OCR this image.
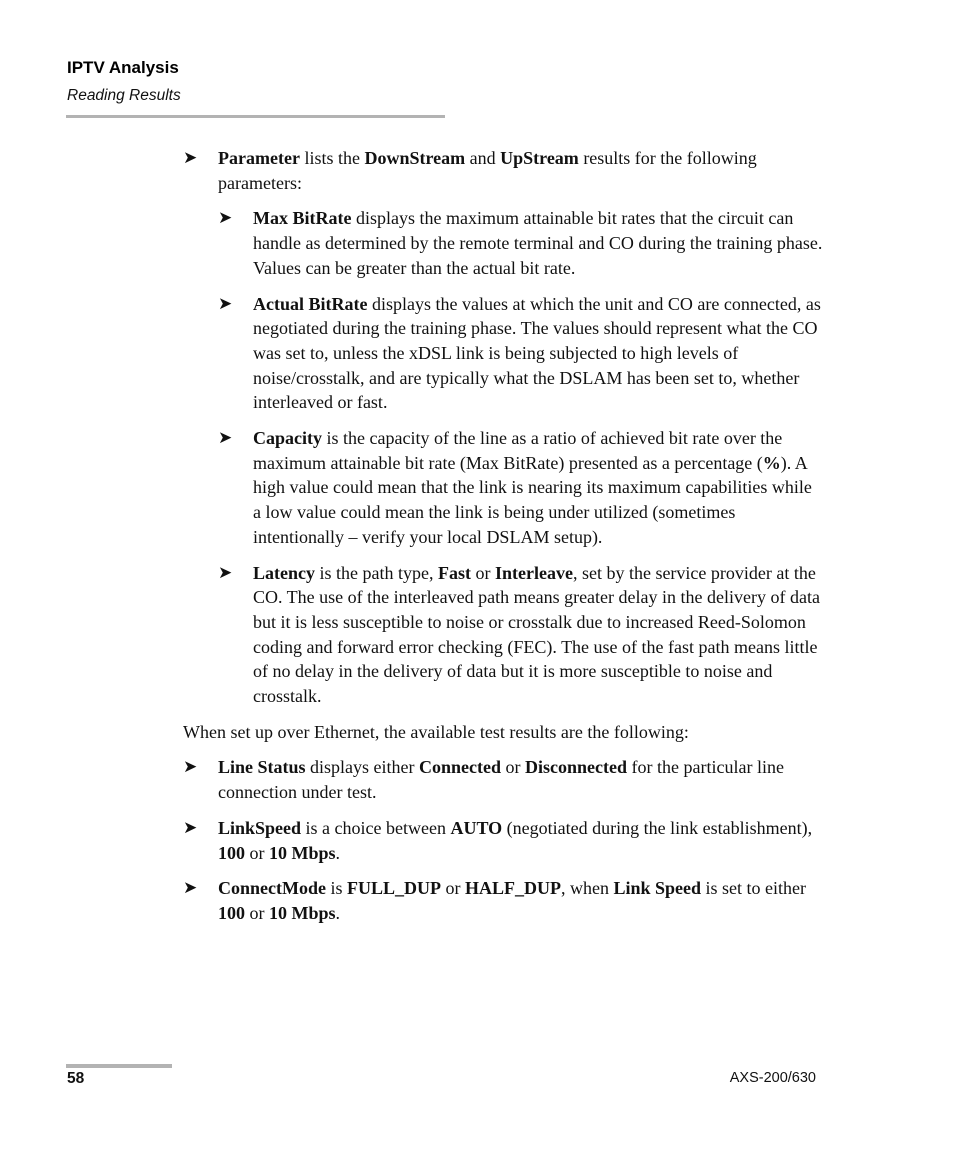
IPTV Analysis
Reading Results
➤ Parameter lists the DownStream and UpStream results for the following parameters:
➤ Max BitRate displays the maximum attainable bit rates that the circuit can handle as determined by the remote terminal and CO during the training phase. Values can be greater than the actual bit rate.
➤ Actual BitRate displays the values at which the unit and CO are connected, as negotiated during the training phase. The values should represent what the CO was set to, unless the xDSL link is being subjected to high levels of noise/crosstalk, and are typically what the DSLAM has been set to, whether interleaved or fast.
➤ Capacity is the capacity of the line as a ratio of achieved bit rate over the maximum attainable bit rate (Max BitRate) presented as a percentage (%). A high value could mean that the link is nearing its maximum capabilities while a low value could mean the link is being under utilized (sometimes intentionally – verify your local DSLAM setup).
➤ Latency is the path type, Fast or Interleave, set by the service provider at the CO. The use of the interleaved path means greater delay in the delivery of data but it is less susceptible to noise or crosstalk due to increased Reed-Solomon coding and forward error checking (FEC). The use of the fast path means little of no delay in the delivery of data but it is more susceptible to noise and crosstalk.

When set up over Ethernet, the available test results are the following:

➤ Line Status displays either Connected or Disconnected for the particular line connection under test.
➤ LinkSpeed is a choice between AUTO (negotiated during the link establishment), 100 or 10 Mbps.
➤ ConnectMode is FULL_DUP or HALF_DUP, when Link Speed is set to either 100 or 10 Mbps.
58	AXS-200/630
